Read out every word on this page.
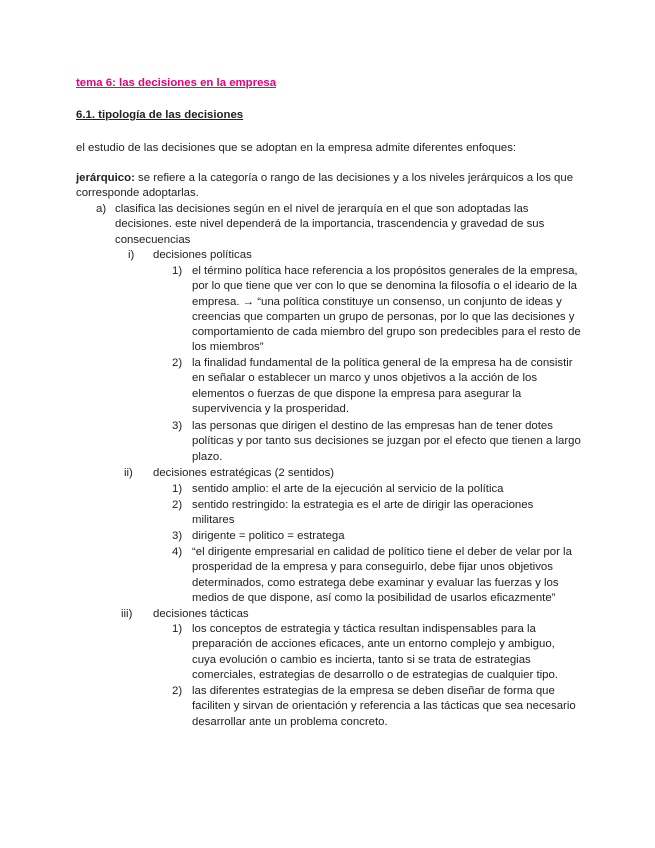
tema 6: las decisiones en la empresa
6.1. tipología de las decisiones
el estudio de las decisiones que se adoptan en la empresa admite diferentes enfoques:
jerárquico: se refiere a la categoría o rango de las decisiones y a los niveles jerárquicos a los que corresponde adoptarlas.
a) clasifica las decisiones según en el nivel de jerarquía en el que son adoptadas las decisiones. este nivel dependerá de la importancia, trascendencia y gravedad de sus consecuencias
i) decisiones políticas
1) el término política hace referencia a los propósitos generales de la empresa, por lo que tiene que ver con lo que se denomina la filosofía o el ideario de la empresa. → “una política constituye un consenso, un conjunto de ideas y creencias que comparten un grupo de personas, por lo que las decisiones y comportamiento de cada miembro del grupo son predecibles para el resto de los miembros”
2) la finalidad fundamental de la política general de la empresa ha de consistir en señalar o establecer un marco y unos objetivos a la acción de los elementos o fuerzas de que dispone la empresa para asegurar la supervivencia y la prosperidad.
3) las personas que dirigen el destino de las empresas han de tener dotes políticas y por tanto sus decisiones se juzgan por el efecto que tienen a largo plazo.
ii) decisiones estratégicas (2 sentidos)
1) sentido amplio: el arte de la ejecución al servicio de la política
2) sentido restringido: la estrategia es el arte de dirigir las operaciones militares
3) dirigente = politico = estratega
4) “el dirigente empresarial en calidad de político tiene el deber de velar por la prosperidad de la empresa y para conseguirlo, debe fijar unos objetivos determinados, como estratega debe examinar y evaluar las fuerzas y los medios de que dispone, así como la posibilidad de usarlos eficazmente”
iii) decisiones tácticas
1) los conceptos de estrategia y táctica resultan indispensables para la preparación de acciones eficaces, ante un entorno complejo y ambiguo, cuya evolución o cambio es incierta, tanto si se trata de estrategias comerciales, estrategias de desarrollo o de estrategias de cualquier tipo.
2) las diferentes estrategias de la empresa se deben diseñar de forma que faciliten y sirvan de orientación y referencia a las tácticas que sea necesario desarrollar ante un problema concreto.
